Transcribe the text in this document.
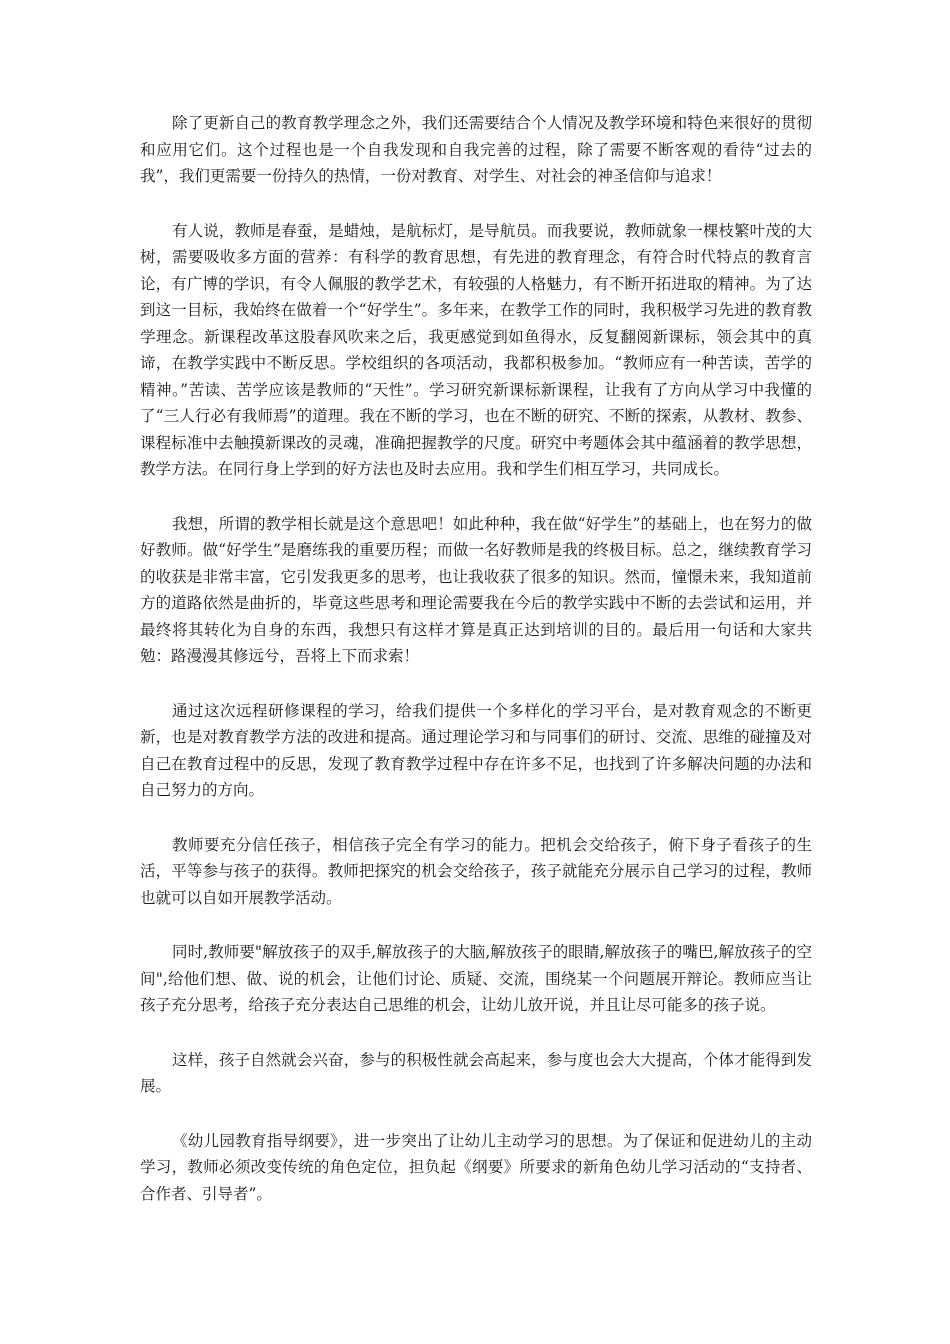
除了更新自己的教育教学理念之外，我们还需要结合个人情况及教学环境和特色来很好的贯彻和应用它们。这个过程也是一个自我发现和自我完善的过程，除了需要不断客观的看待“过去的我”，我们更需要一份持久的热情，一份对教育、对学生、对社会的神圣信仰与追求！

有人说，教师是春蚕，是蜡烛，是航标灯，是导航员。而我要说，教师就象一棵枝繁叶茂的大树，需要吸收多方面的营养：有科学的教育思想，有先进的教育理念，有符合时代特点的教育言论，有广博的学识，有令人佩服的教学艺术，有较强的人格魅力，有不断开拓进取的精神。为了达到这一目标，我始终在做着一个“好学生”。多年来，在教学工作的同时，我积极学习先进的教育教学理念。新课程改革这股春风吹来之后，我更感觉到如鱼得水，反复翻阅新课标，领会其中的真谛，在教学实践中不断反思。学校组织的各项活动，我都积极参加。“教师应有一种苦读，苦学的精神。”苦读、苦学应该是教师的“天性”。学习研究新课标新课程，让我有了方向从学习中我懂的了“三人行必有我师焉”的道理。我在不断的学习，也在不断的研究、不断的探索，从教材、教参、课程标准中去触摸新课改的灵魂，准确把握教学的尺度。研究中考题体会其中蕴涵着的教学思想，教学方法。在同行身上学到的好方法也及时去应用。我和学生们相互学习，共同成长。

我想，所谓的教学相长就是这个意思吧！如此种种，我在做“好学生”的基础上，也在努力的做好教师。做“好学生”是磨练我的重要历程；而做一名好教师是我的终极目标。总之，继续教育学习的收获是非常丰富，它引发我更多的思考，也让我收获了很多的知识。然而，憧憬未来，我知道前方的道路依然是曲折的，毕竟这些思考和理论需要我在今后的教学实践中不断的去尝试和运用，并最终将其转化为自身的东西，我想只有这样才算是真正达到培训的目的。最后用一句话和大家共勉：路漫漫其修远兮，吾将上下而求索！

通过这次远程研修课程的学习，给我们提供一个多样化的学习平台，是对教育观念的不断更新，也是对教育教学方法的改进和提高。通过理论学习和与同事们的研讨、交流、思维的碰撞及对自己在教育过程中的反思，发现了教育教学过程中存在许多不足，也找到了许多解决问题的办法和自己努力的方向。

教师要充分信任孩子，相信孩子完全有学习的能力。把机会交给孩子，俯下身子看孩子的生活，平等参与孩子的获得。教师把探究的机会交给孩子，孩子就能充分展示自己学习的过程，教师也就可以自如开展教学活动。

同时,教师要"解放孩子的双手,解放孩子的大脑,解放孩子的眼睛,解放孩子的嘴巴,解放孩子的空间",给他们想、做、说的机会，让他们讨论、质疑、交流，围绕某一个问题展开辩论。教师应当让孩子充分思考，给孩子充分表达自己思维的机会，让幼儿放开说，并且让尽可能多的孩子说。

这样，孩子自然就会兴奋，参与的积极性就会高起来，参与度也会大大提高，个体才能得到发展。

《幼儿园教育指导纲要》，进一步突出了让幼儿主动学习的思想。为了保证和促进幼儿的主动学习，教师必须改变传统的角色定位，担负起《纲要》所要求的新角色幼儿学习活动的“支持者、合作者、引导者”。
